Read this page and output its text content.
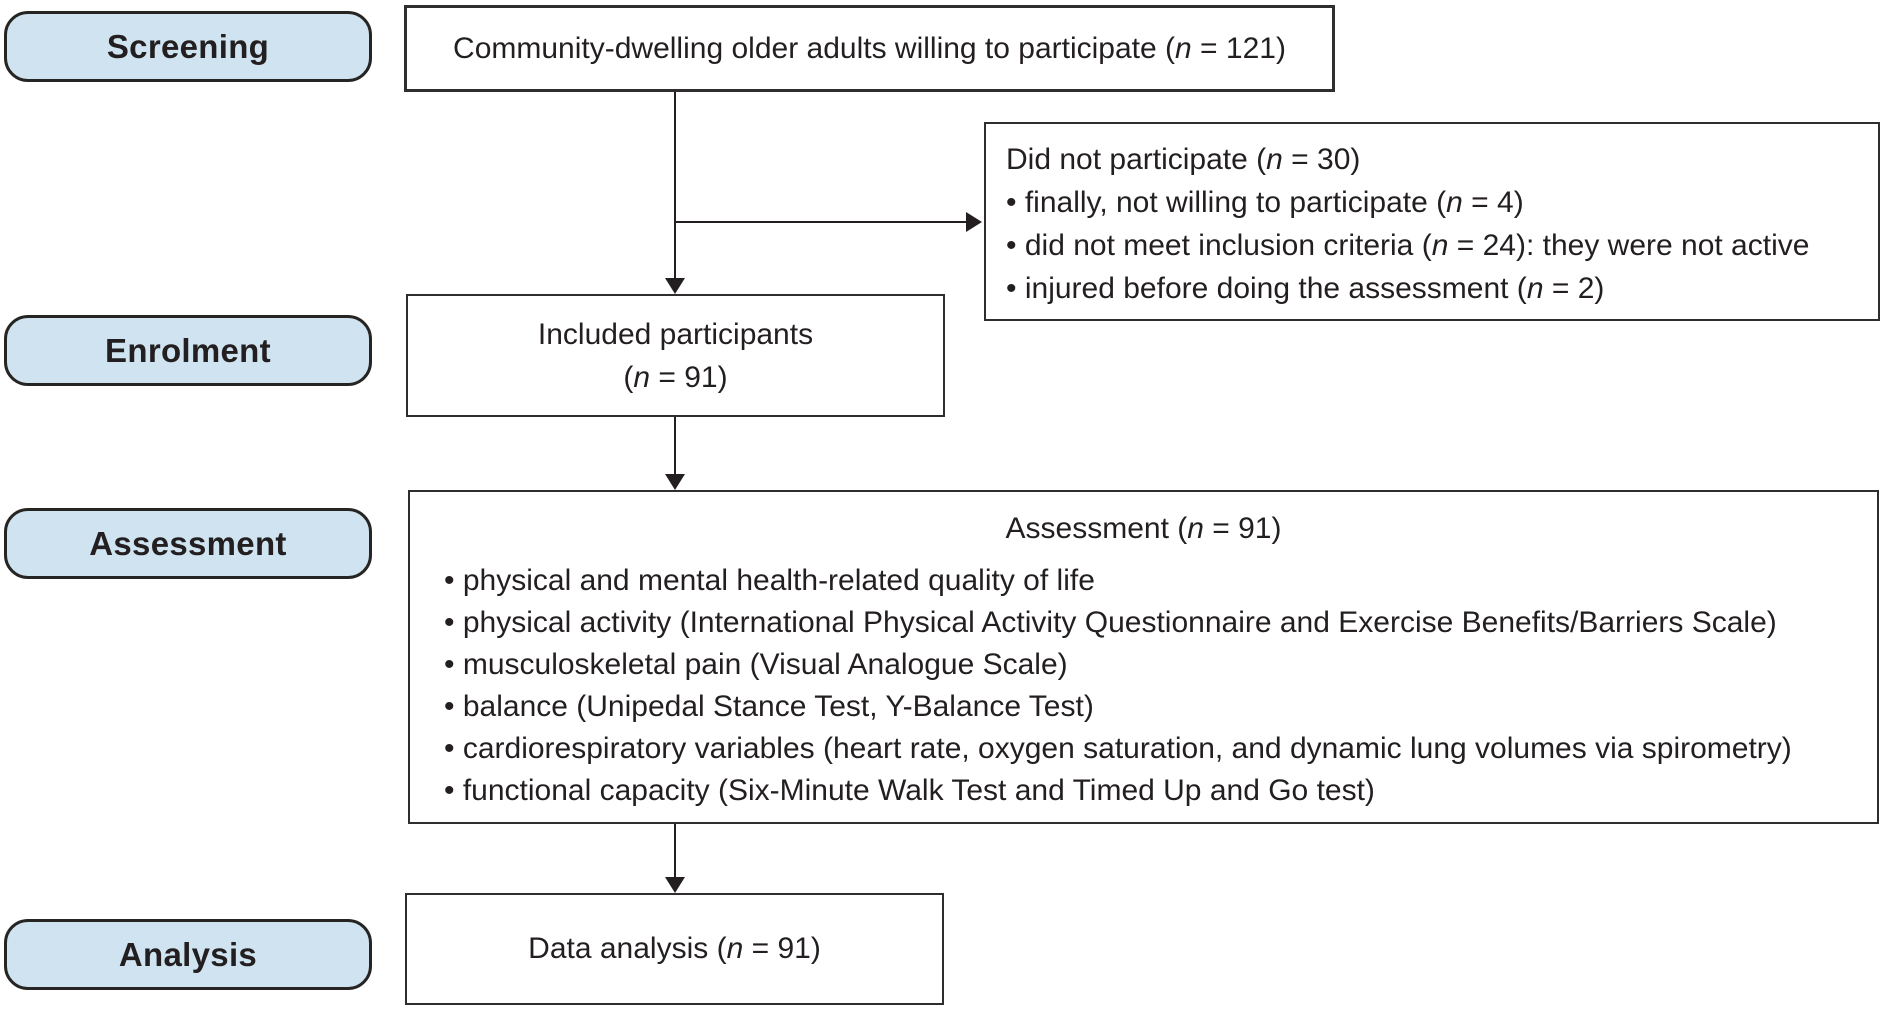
Screening
Enrolment
Assessment
Analysis
Community-dwelling older adults willing to participate (n = 121)
Did not participate (n = 30)
• finally, not willing to participate (n = 4)
• did not meet inclusion criteria (n = 24): they were not active
• injured before doing the assessment (n = 2)
Included participants
(n = 91)
Assessment (n = 91)
• physical and mental health-related quality of life
• physical activity (International Physical Activity Questionnaire and Exercise Benefits/Barriers Scale)
• musculoskeletal pain (Visual Analogue Scale)
• balance (Unipedal Stance Test, Y-Balance Test)
• cardiorespiratory variables (heart rate, oxygen saturation, and dynamic lung volumes via spirometry)
• functional capacity (Six-Minute Walk Test and Timed Up and Go test)
Data analysis (n = 91)
